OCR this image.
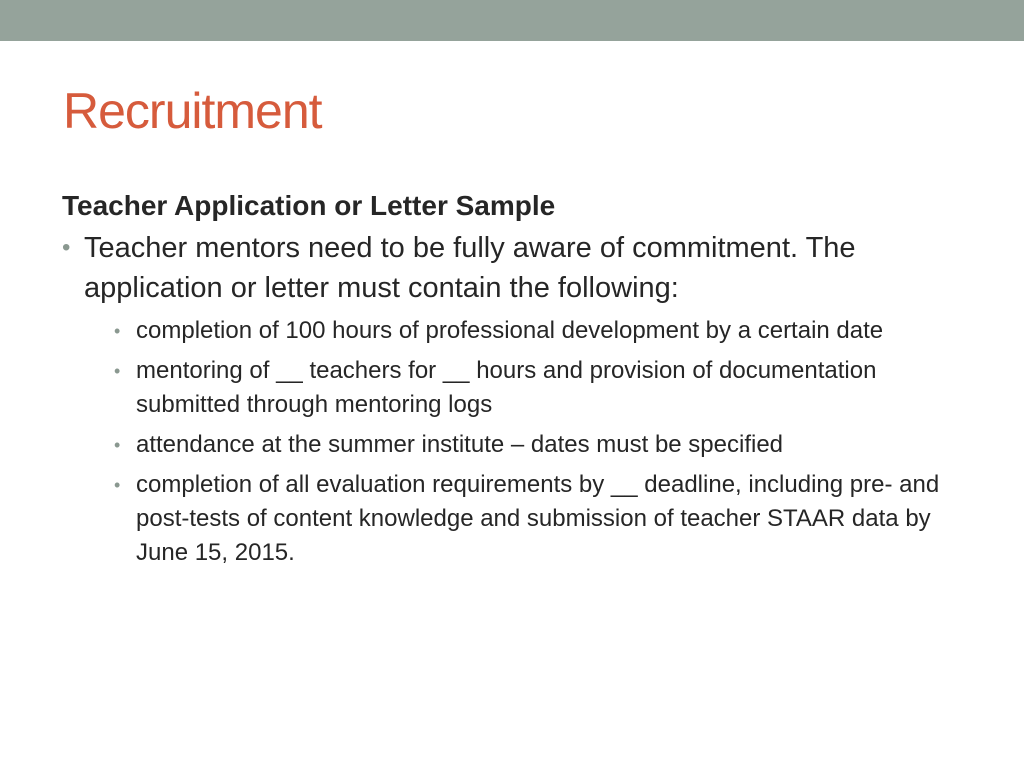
Recruitment
Teacher Application or Letter Sample
• Teacher mentors need to be fully aware of commitment. The application or letter must contain the following:
• completion of 100 hours of professional development by a certain date
• mentoring of __ teachers for __ hours and provision of documentation submitted through mentoring logs
• attendance at the summer institute – dates must be specified
• completion of all evaluation requirements by __ deadline, including pre- and post-tests of content knowledge and submission of teacher STAAR data by June 15, 2015.
